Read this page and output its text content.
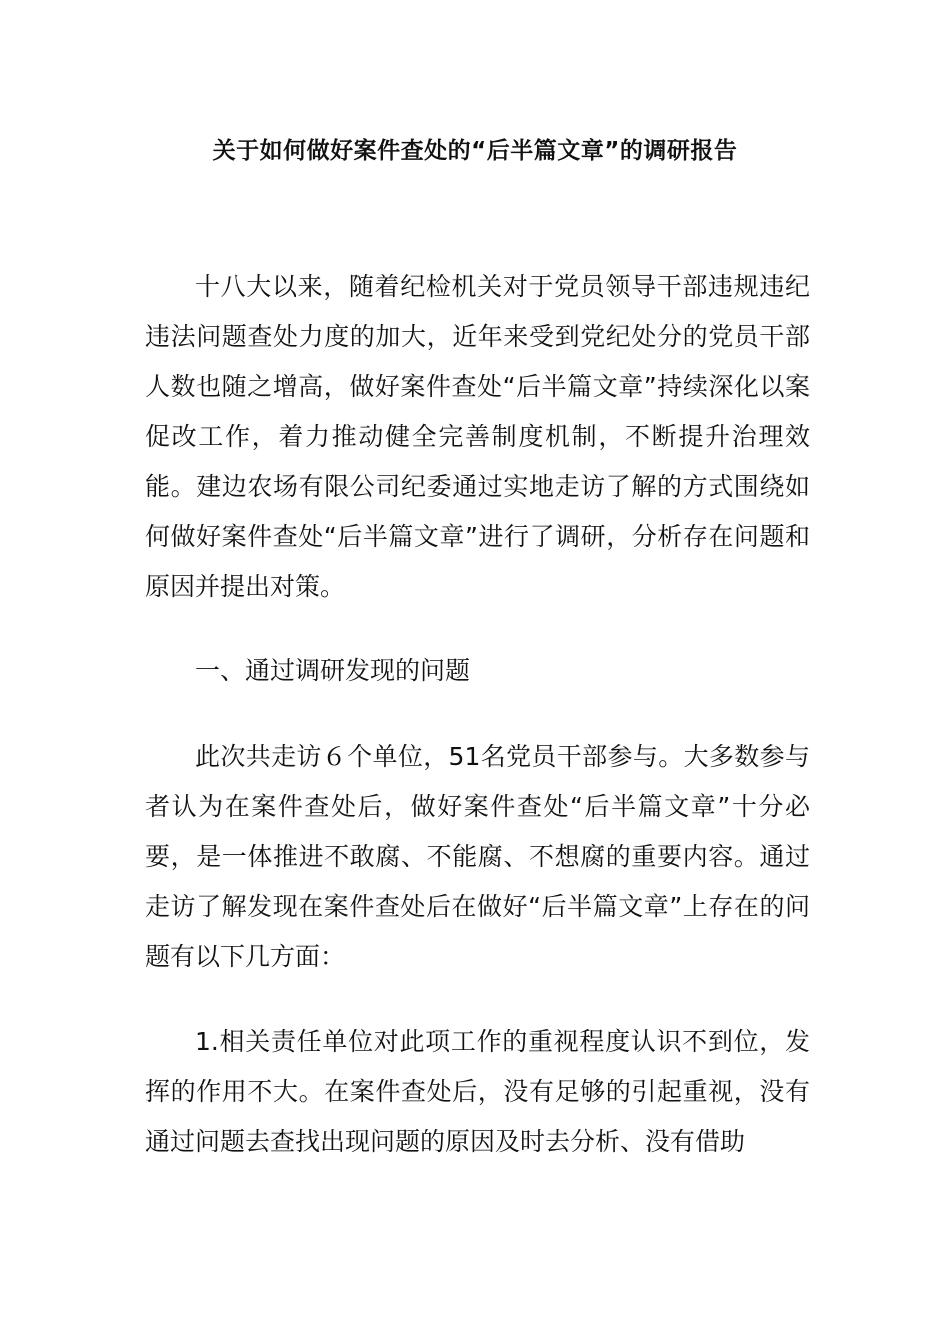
关于如何做好案件查处的“后半篇文章”的调研报告

十八大以来，随着纪检机关对于党员领导干部违规违纪违法问题查处力度的加大，近年来受到党纪处分的党员干部人数也随之增高，做好案件查处“后半篇文章”持续深化以案促改工作，着力推动健全完善制度机制，不断提升治理效能。建边农场有限公司纪委通过实地走访了解的方式围绕如何做好案件查处“后半篇文章”进行了调研，分析存在问题和原因并提出对策。

一、通过调研发现的问题

此次共走访６个单位，51名党员干部参与。大多数参与者认为在案件查处后，做好案件查处“后半篇文章”十分必要，是一体推进不敢腐、不能腐、不想腐的重要内容。通过走访了解发现在案件查处后在做好“后半篇文章”上存在的问题有以下几方面：

1.相关责任单位对此项工作的重视程度认识不到位，发挥的作用不大。在案件查处后，没有足够的引起重视，没有通过问题去查找出现问题的原因及时去分析、没有借助
